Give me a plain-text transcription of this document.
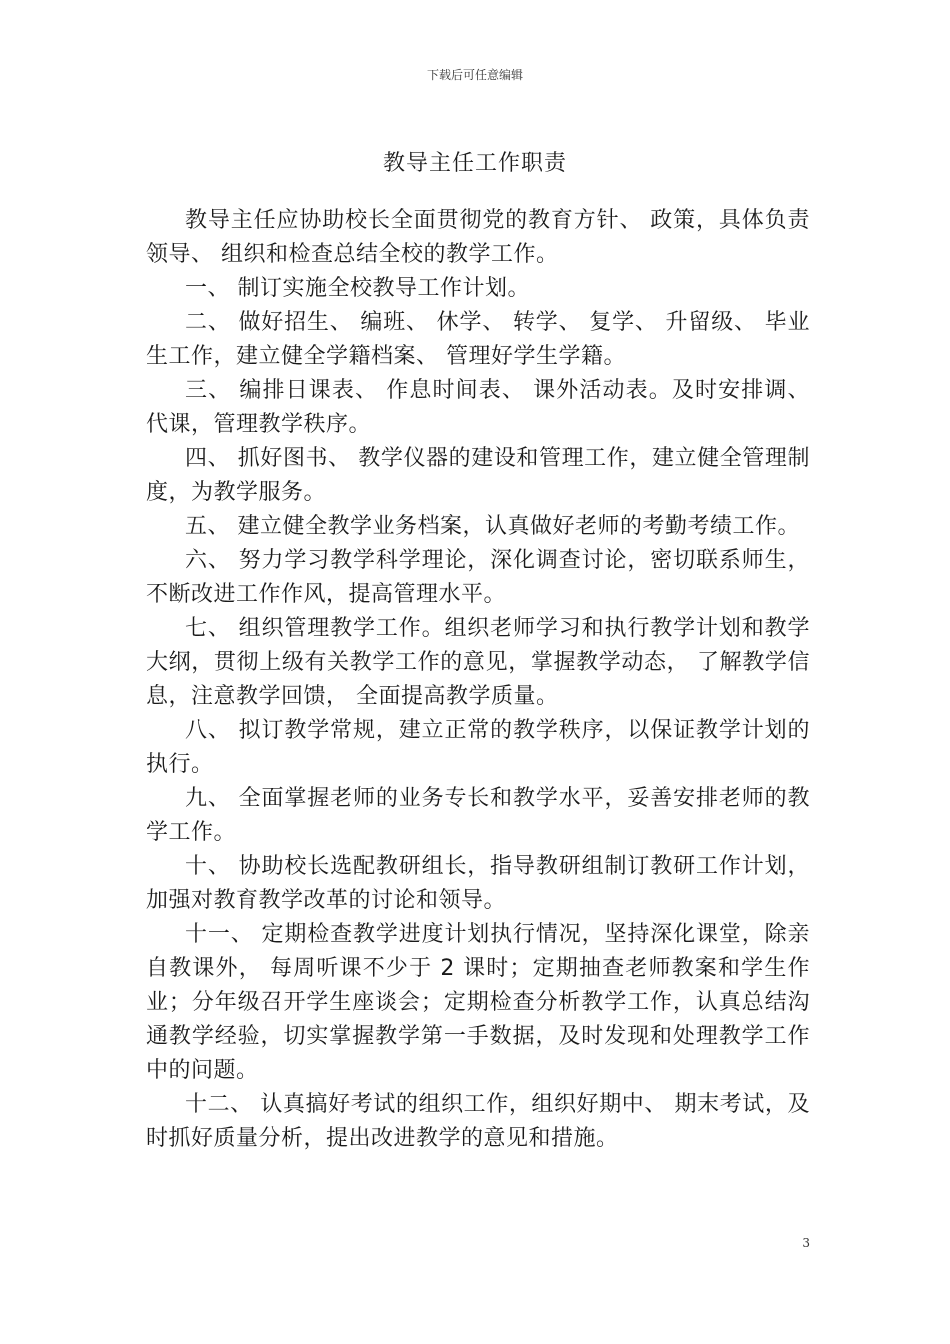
下载后可任意编辑
教导主任工作职责

教导主任应协助校长全面贯彻党的教育方针、 政策，具体负责领导、 组织和检查总结全校的教学工作。

一、 制订实施全校教导工作计划。

二、 做好招生、 编班、 休学、 转学、 复学、 升留级、 毕业生工作，建立健全学籍档案、 管理好学生学籍。

三、 编排日课表、 作息时间表、 课外活动表。及时安排调、 代课，管理教学秩序。

四、 抓好图书、 教学仪器的建设和管理工作，建立健全管理制度，为教学服务。

五、 建立健全教学业务档案，认真做好老师的考勤考绩工作。

六、 努力学习教学科学理论，深化调查讨论，密切联系师生， 不断改进工作作风，提高管理水平。

七、 组织管理教学工作。组织老师学习和执行教学计划和教学大纲，贯彻上级有关教学工作的意见，掌握教学动态， 了解教学信息，注意教学回馈， 全面提高教学质量。

八、 拟订教学常规，建立正常的教学秩序，以保证教学计划的执行。

九、 全面掌握老师的业务专长和教学水平，妥善安排老师的教学工作。

十、 协助校长选配教研组长，指导教研组制订教研工作计划， 加强对教育教学改革的讨论和领导。

十一、 定期检查教学进度计划执行情况，坚持深化课堂，除亲自教课外， 每周听课不少于 2 课时；定期抽查老师教案和学生作业；分年级召开学生座谈会；定期检查分析教学工作，认真总结沟通教学经验，切实掌握教学第一手数据，及时发现和处理教学工作中的问题。

十二、 认真搞好考试的组织工作，组织好期中、 期末考试，及时抓好质量分析，提出改进教学的意见和措施。

3
